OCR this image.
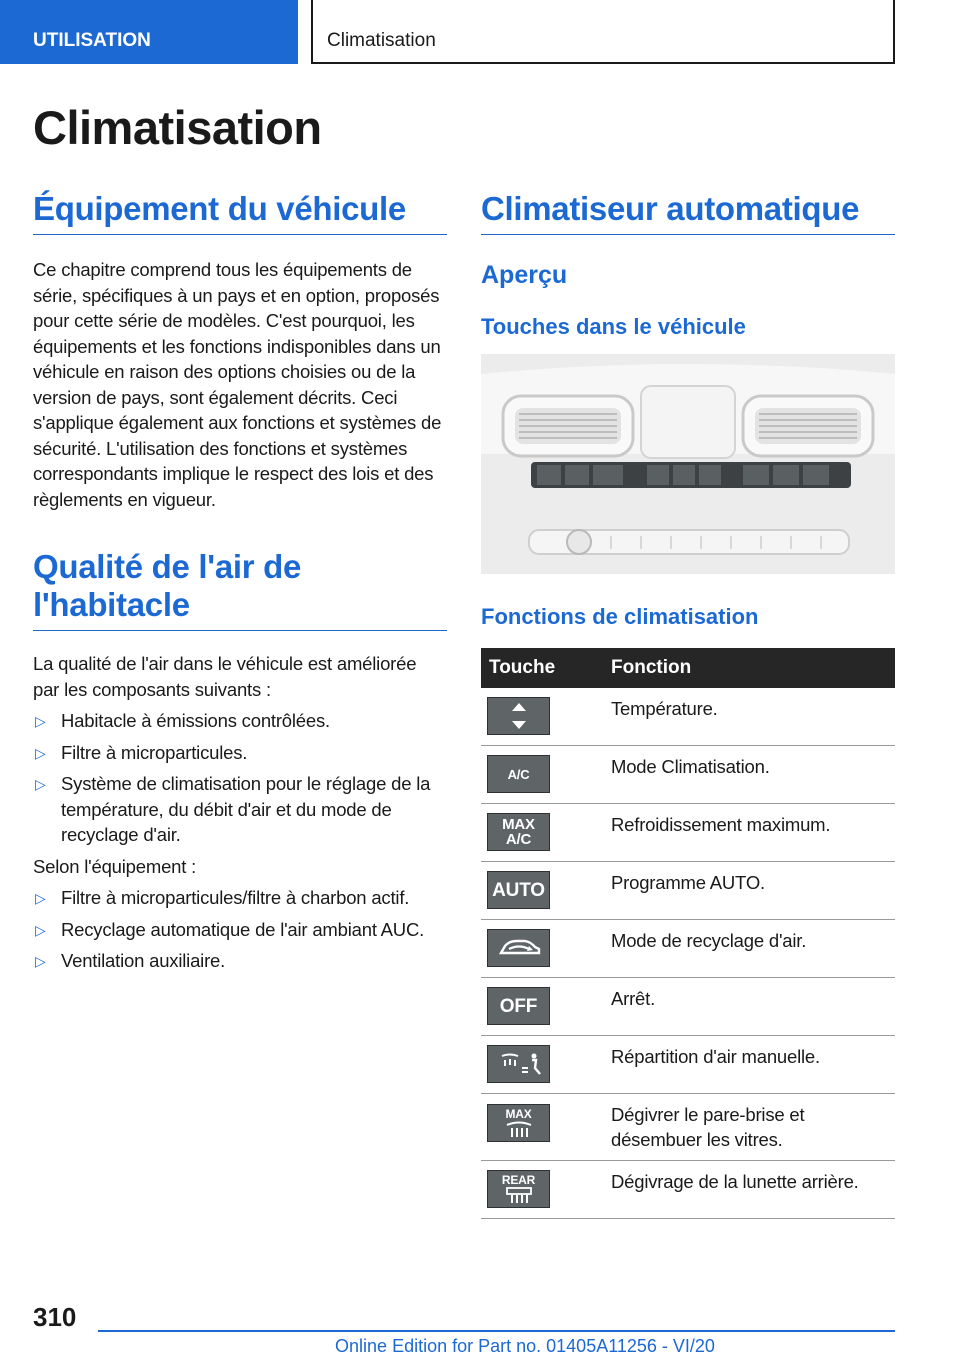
UTILISATION	Climatisation
Climatisation
Équipement du véhicule

Ce chapitre comprend tous les équipements de série, spécifiques à un pays et en option, proposés pour cette série de modèles. C'est pourquoi, les équipements et les fonctions indisponibles dans un véhicule en raison des options choisies ou de la version de pays, sont également décrits. Ceci s'applique également aux fonctions et systèmes de sécurité. L'utilisation des fonctions et systèmes correspondants implique le respect des lois et des règlements en vigueur.

Qualité de l'air de l'habitacle

La qualité de l'air dans le véhicule est améliorée par les composants suivants :

▷ Habitacle à émissions contrôlées.
▷ Filtre à microparticules.
▷ Système de climatisation pour le réglage de la température, du débit d'air et du mode de recyclage d'air.

Selon l'équipement :

▷ Filtre à microparticules/filtre à charbon actif.
▷ Recyclage automatique de l'air ambiant AUC.
▷ Ventilation auxiliaire.
Climatiseur automatique
Aperçu
Touches dans le véhicule
Fonctions de climatisation
Touche	Fonction

	Température.

A/C	Mode Climatisation.

MAX
A/C	Refroidissement maximum.

AUTO	Programme AUTO.

	Mode de recyclage d'air.

OFF	Arrêt.

	Répartition d'air manuelle.

MAX	Dégivrer le pare-brise et désembuer les vitres.

REAR	Dégivrage de la lunette arrière.
310
Online Edition for Part no. 01405A11256 - VI/20
